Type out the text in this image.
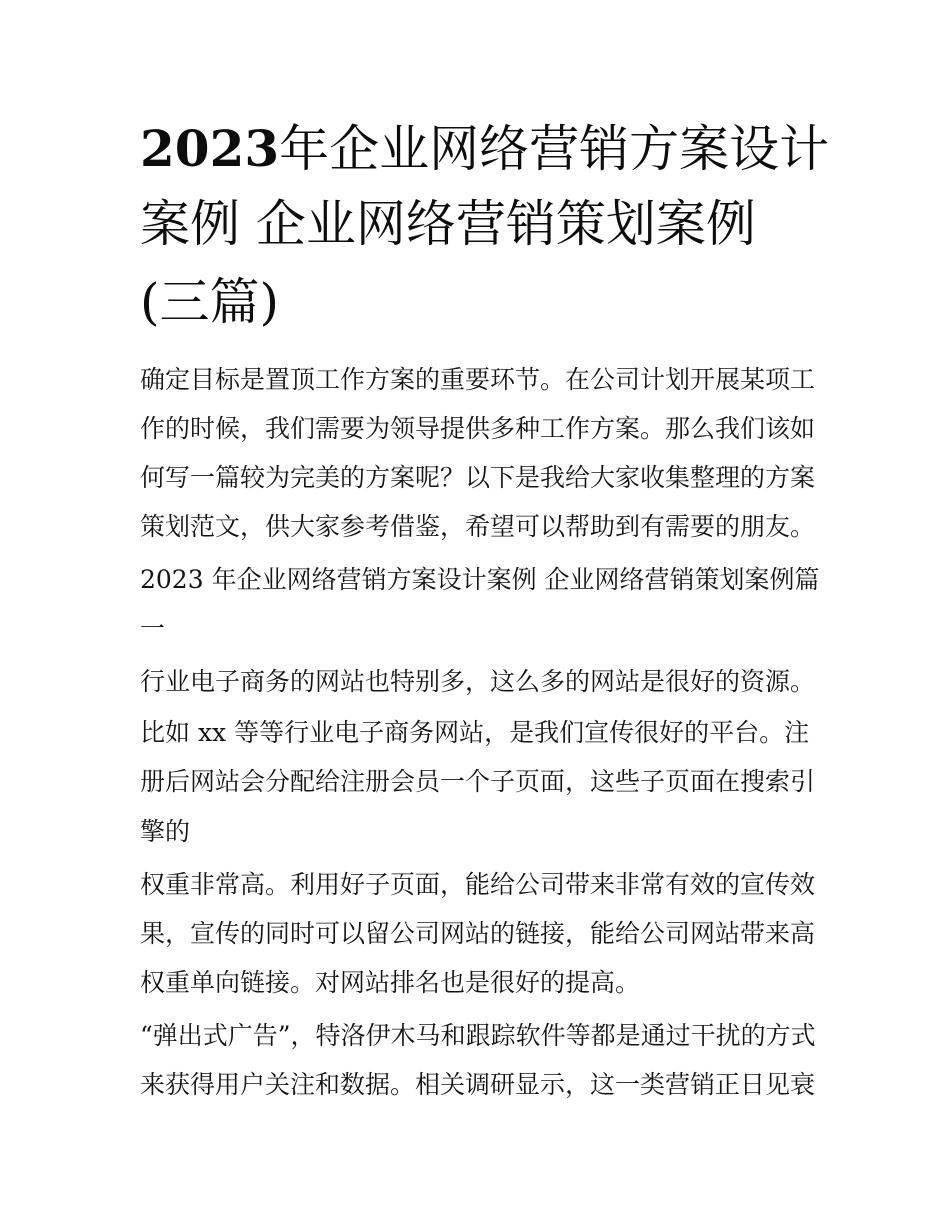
2023年企业网络营销方案设计
案例 企业网络营销策划案例
(三篇)
确定目标是置顶工作方案的重要环节。在公司计划开展某项工
作的时候，我们需要为领导提供多种工作方案。那么我们该如
何写一篇较为完美的方案呢？以下是我给大家收集整理的方案
策划范文，供大家参考借鉴，希望可以帮助到有需要的朋友。
2023 年企业网络营销方案设计案例 企业网络营销策划案例篇
一
行业电子商务的网站也特别多，这么多的网站是很好的资源。
比如 xx 等等行业电子商务网站，是我们宣传很好的平台。注
册后网站会分配给注册会员一个子页面，这些子页面在搜索引
擎的
权重非常高。利用好子页面，能给公司带来非常有效的宣传效
果，宣传的同时可以留公司网站的链接，能给公司网站带来高
权重单向链接。对网站排名也是很好的提高。
“弹出式广告”，特洛伊木马和跟踪软件等都是通过干扰的方式
来获得用户关注和数据。相关调研显示，这一类营销正日见衰
